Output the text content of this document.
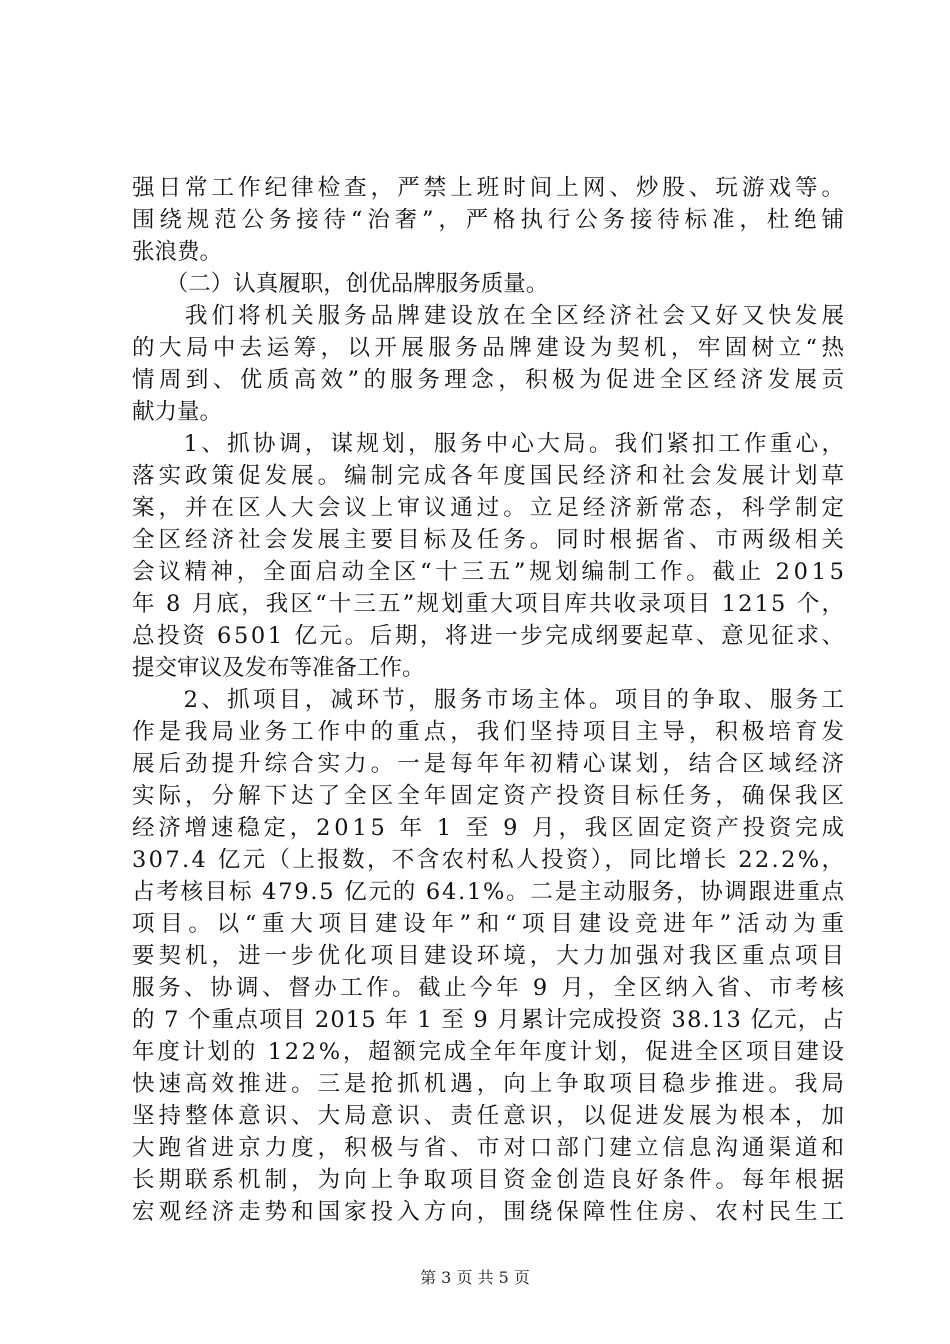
强日常工作纪律检查，严禁上班时间上网、炒股、玩游戏等。
围绕规范公务接待“治奢”，严格执行公务接待标准，杜绝铺
张浪费。
　　（二）认真履职，创优品牌服务质量。
　　我们将机关服务品牌建设放在全区经济社会又好又快发展
的大局中去运筹，以开展服务品牌建设为契机，牢固树立“热
情周到、优质高效”的服务理念，积极为促进全区经济发展贡
献力量。
　　1、抓协调，谋规划，服务中心大局。我们紧扣工作重心，
落实政策促发展。编制完成各年度国民经济和社会发展计划草
案，并在区人大会议上审议通过。立足经济新常态，科学制定
全区经济社会发展主要目标及任务。同时根据省、市两级相关
会议精神，全面启动全区“十三五”规划编制工作。截止 2015
年 8 月底，我区“十三五”规划重大项目库共收录项目 1215 个，
总投资 6501 亿元。后期，将进一步完成纲要起草、意见征求、
提交审议及发布等准备工作。
　　2、抓项目，减环节，服务市场主体。项目的争取、服务工
作是我局业务工作中的重点，我们坚持项目主导，积极培育发
展后劲提升综合实力。一是每年年初精心谋划，结合区域经济
实际，分解下达了全区全年固定资产投资目标任务，确保我区
经济增速稳定，2015 年 1 至 9 月，我区固定资产投资完成
307.4 亿元（上报数，不含农村私人投资），同比增长 22.2%，
占考核目标 479.5 亿元的 64.1%。二是主动服务，协调跟进重点
项目。以“重大项目建设年”和“项目建设竞进年”活动为重
要契机，进一步优化项目建设环境，大力加强对我区重点项目
服务、协调、督办工作。截止今年 9 月，全区纳入省、市考核
的 7 个重点项目 2015 年 1 至 9 月累计完成投资 38.13 亿元，占
年度计划的 122%，超额完成全年年度计划，促进全区项目建设
快速高效推进。三是抢抓机遇，向上争取项目稳步推进。我局
坚持整体意识、大局意识、责任意识，以促进发展为根本，加
大跑省进京力度，积极与省、市对口部门建立信息沟通渠道和
长期联系机制，为向上争取项目资金创造良好条件。每年根据
宏观经济走势和国家投入方向，围绕保障性住房、农村民生工
第 3 页 共 5 页
